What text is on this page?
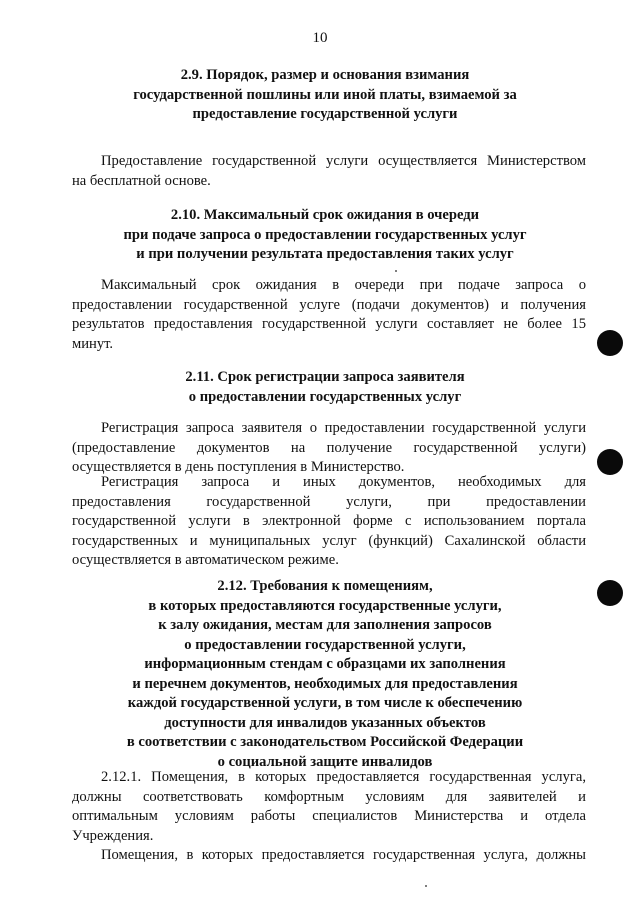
10
2.9. Порядок, размер и основания взимания
государственной пошлины или иной платы, взимаемой за
предоставление государственной услуги
Предоставление государственной услуги осуществляется Министерством
на бесплатной основе.
2.10. Максимальный срок ожидания в очереди
при подаче запроса о предоставлении государственных услуг
и при получении результата предоставления таких услуг
Максимальный срок ожидания в очереди при подаче запроса о
предоставлении государственной услуге (подачи документов) и получения
результатов предоставления государственной услуги составляет не более 15
минут.
2.11. Срок регистрации запроса заявителя
о предоставлении государственных услуг
Регистрация запроса заявителя о предоставлении государственной услуги
(предоставление документов на получение государственной услуги)
осуществляется в день поступления в Министерство.
Регистрация запроса и иных документов, необходимых для
предоставления государственной услуги, при предоставлении
государственной услуги в электронной форме с использованием портала
государственных и муниципальных услуг (функций) Сахалинской области
осуществляется в автоматическом режиме.
2.12. Требования к помещениям,
в которых предоставляются государственные услуги,
к залу ожидания, местам для заполнения запросов
о предоставлении государственной услуги,
информационным стендам с образцами их заполнения
и перечнем документов, необходимых для предоставления
каждой государственной услуги, в том числе к обеспечению
доступности для инвалидов указанных объектов
в соответствии с законодательством Российской Федерации
о социальной защите инвалидов
2.12.1. Помещения, в которых предоставляется государственная услуга,
должны соответствовать комфортным условиям для заявителей и
оптимальным условиям работы специалистов Министерства и отдела
Учреждения.
Помещения, в которых предоставляется государственная услуга, должны
